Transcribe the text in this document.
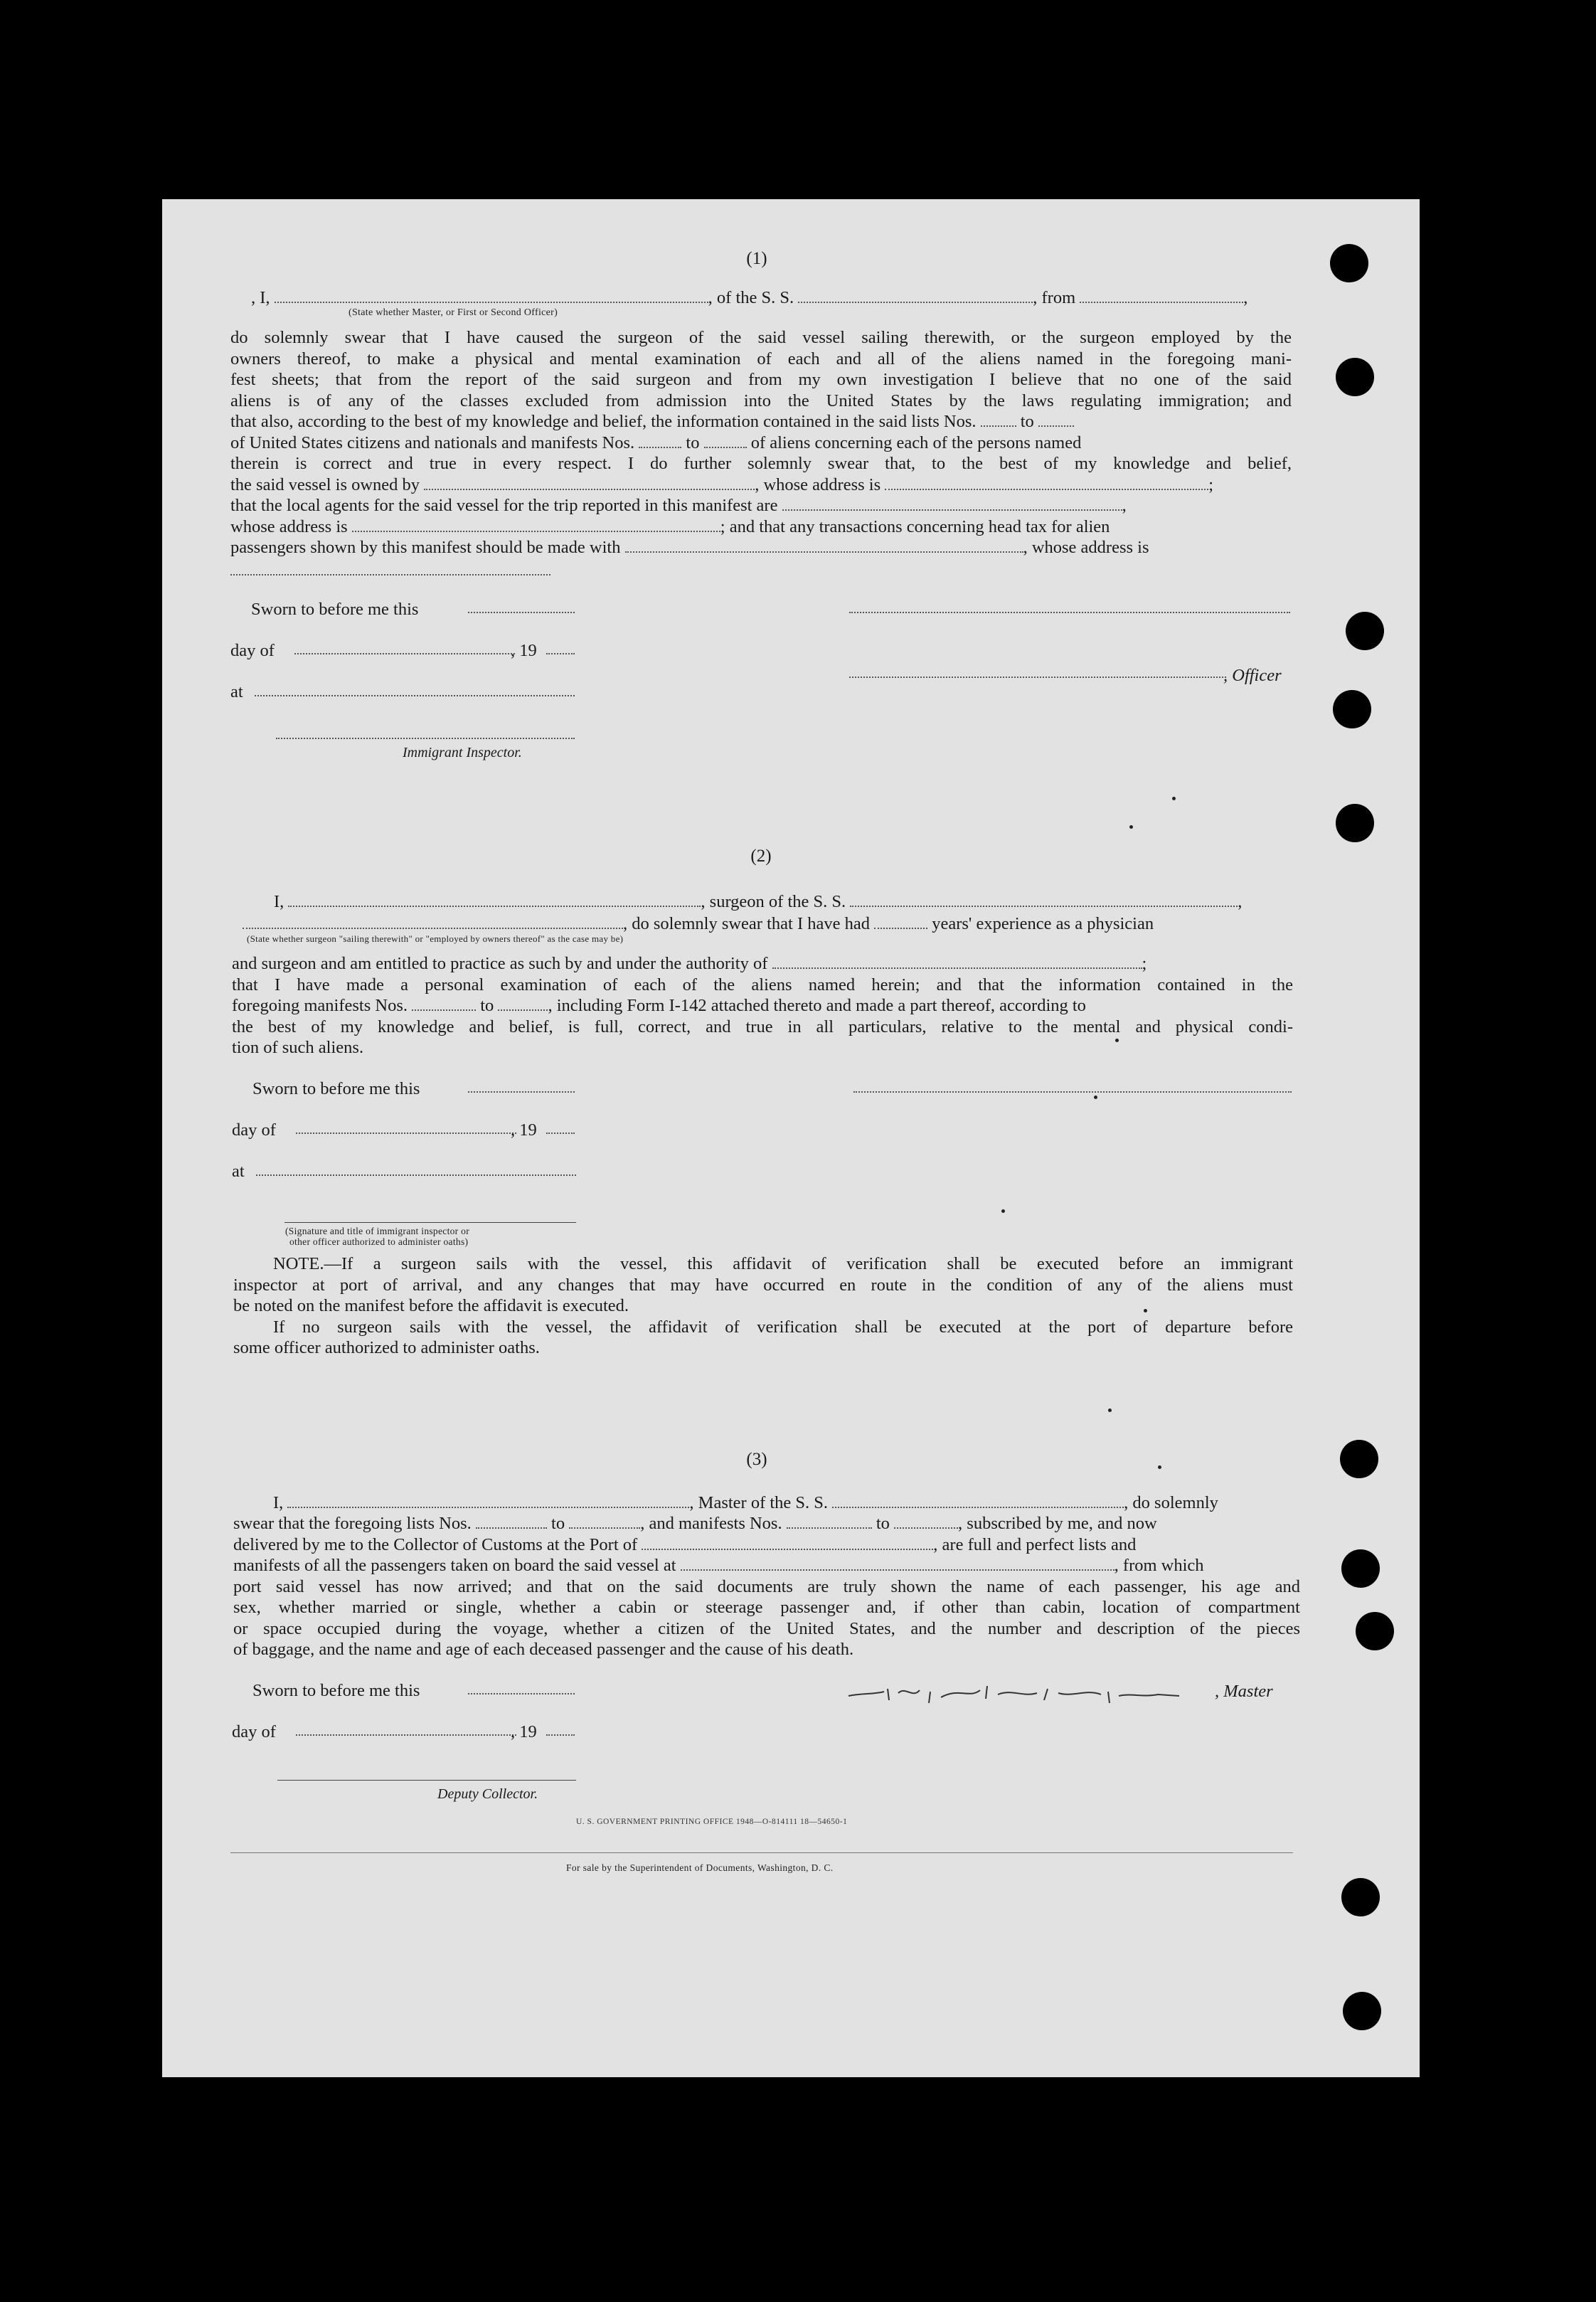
(1)
, I,	, of the S. S.	, from	,
(State whether Master, or First or Second Officer)
do solemnly swear that I have caused the surgeon of the said vessel sailing therewith, or the surgeon employed by the
owners thereof, to make a physical and mental examination of each and all of the aliens named in the foregoing mani-
fest sheets; that from the report of the said surgeon and from my own investigation I believe that no one of the said
aliens is of any of the classes excluded from admission into the United States by the laws regulating immigration; and
that also, according to the best of my knowledge and belief, the information contained in the said lists Nos.	to
of United States citizens and nationals and manifests Nos.	to	of aliens concerning each of the persons named
therein is correct and true in every respect. I do further solemnly swear that, to the best of my knowledge and belief,
the said vessel is owned by	, whose address is	;
that the local agents for the said vessel for the trip reported in this manifest are	,
whose address is	; and that any transactions concerning head tax for alien
passengers shown by this manifest should be made with	, whose address is
Sworn to before me this
day of	, 19
, Officer
at
Immigrant Inspector.
(2)
I,	, surgeon of the S. S.	,
, do solemnly swear that I have had	years' experience as a physician
(State whether surgeon "sailing therewith" or "employed by owners thereof" as the case may be)
and surgeon and am entitled to practice as such by and under the authority of	;
that I have made a personal examination of each of the aliens named herein; and that the information contained in the
foregoing manifests Nos.	to	, including Form I-142 attached thereto and made a part thereof, according to
the best of my knowledge and belief, is full, correct, and true in all particulars, relative to the mental and physical condi-
tion of such aliens.
Sworn to before me this
day of	, 19
at
(Signature and title of immigrant inspector or
other officer authorized to administer oaths)
NOTE.—If a surgeon sails with the vessel, this affidavit of verification shall be executed before an immigrant
inspector at port of arrival, and any changes that may have occurred en route in the condition of any of the aliens must
be noted on the manifest before the affidavit is executed.
If no surgeon sails with the vessel, the affidavit of verification shall be executed at the port of departure before
some officer authorized to administer oaths.
(3)
I,	, Master of the S. S.	, do solemnly
swear that the foregoing lists Nos.	to	, and manifests Nos.	to	, subscribed by me, and now
delivered by me to the Collector of Customs at the Port of	, are full and perfect lists and
manifests of all the passengers taken on board the said vessel at	, from which
port said vessel has now arrived; and that on the said documents are truly shown the name of each passenger, his age and
sex, whether married or single, whether a cabin or steerage passenger and, if other than cabin, location of compartment
or space occupied during the voyage, whether a citizen of the United States, and the number and description of the pieces
of baggage, and the name and age of each deceased passenger and the cause of his death.
Sworn to before me this	, Master
day of	, 19
Deputy Collector.
U. S. GOVERNMENT PRINTING OFFICE 1948—O-814111 18—54650-1
For sale by the Superintendent of Documents, Washington, D. C.
